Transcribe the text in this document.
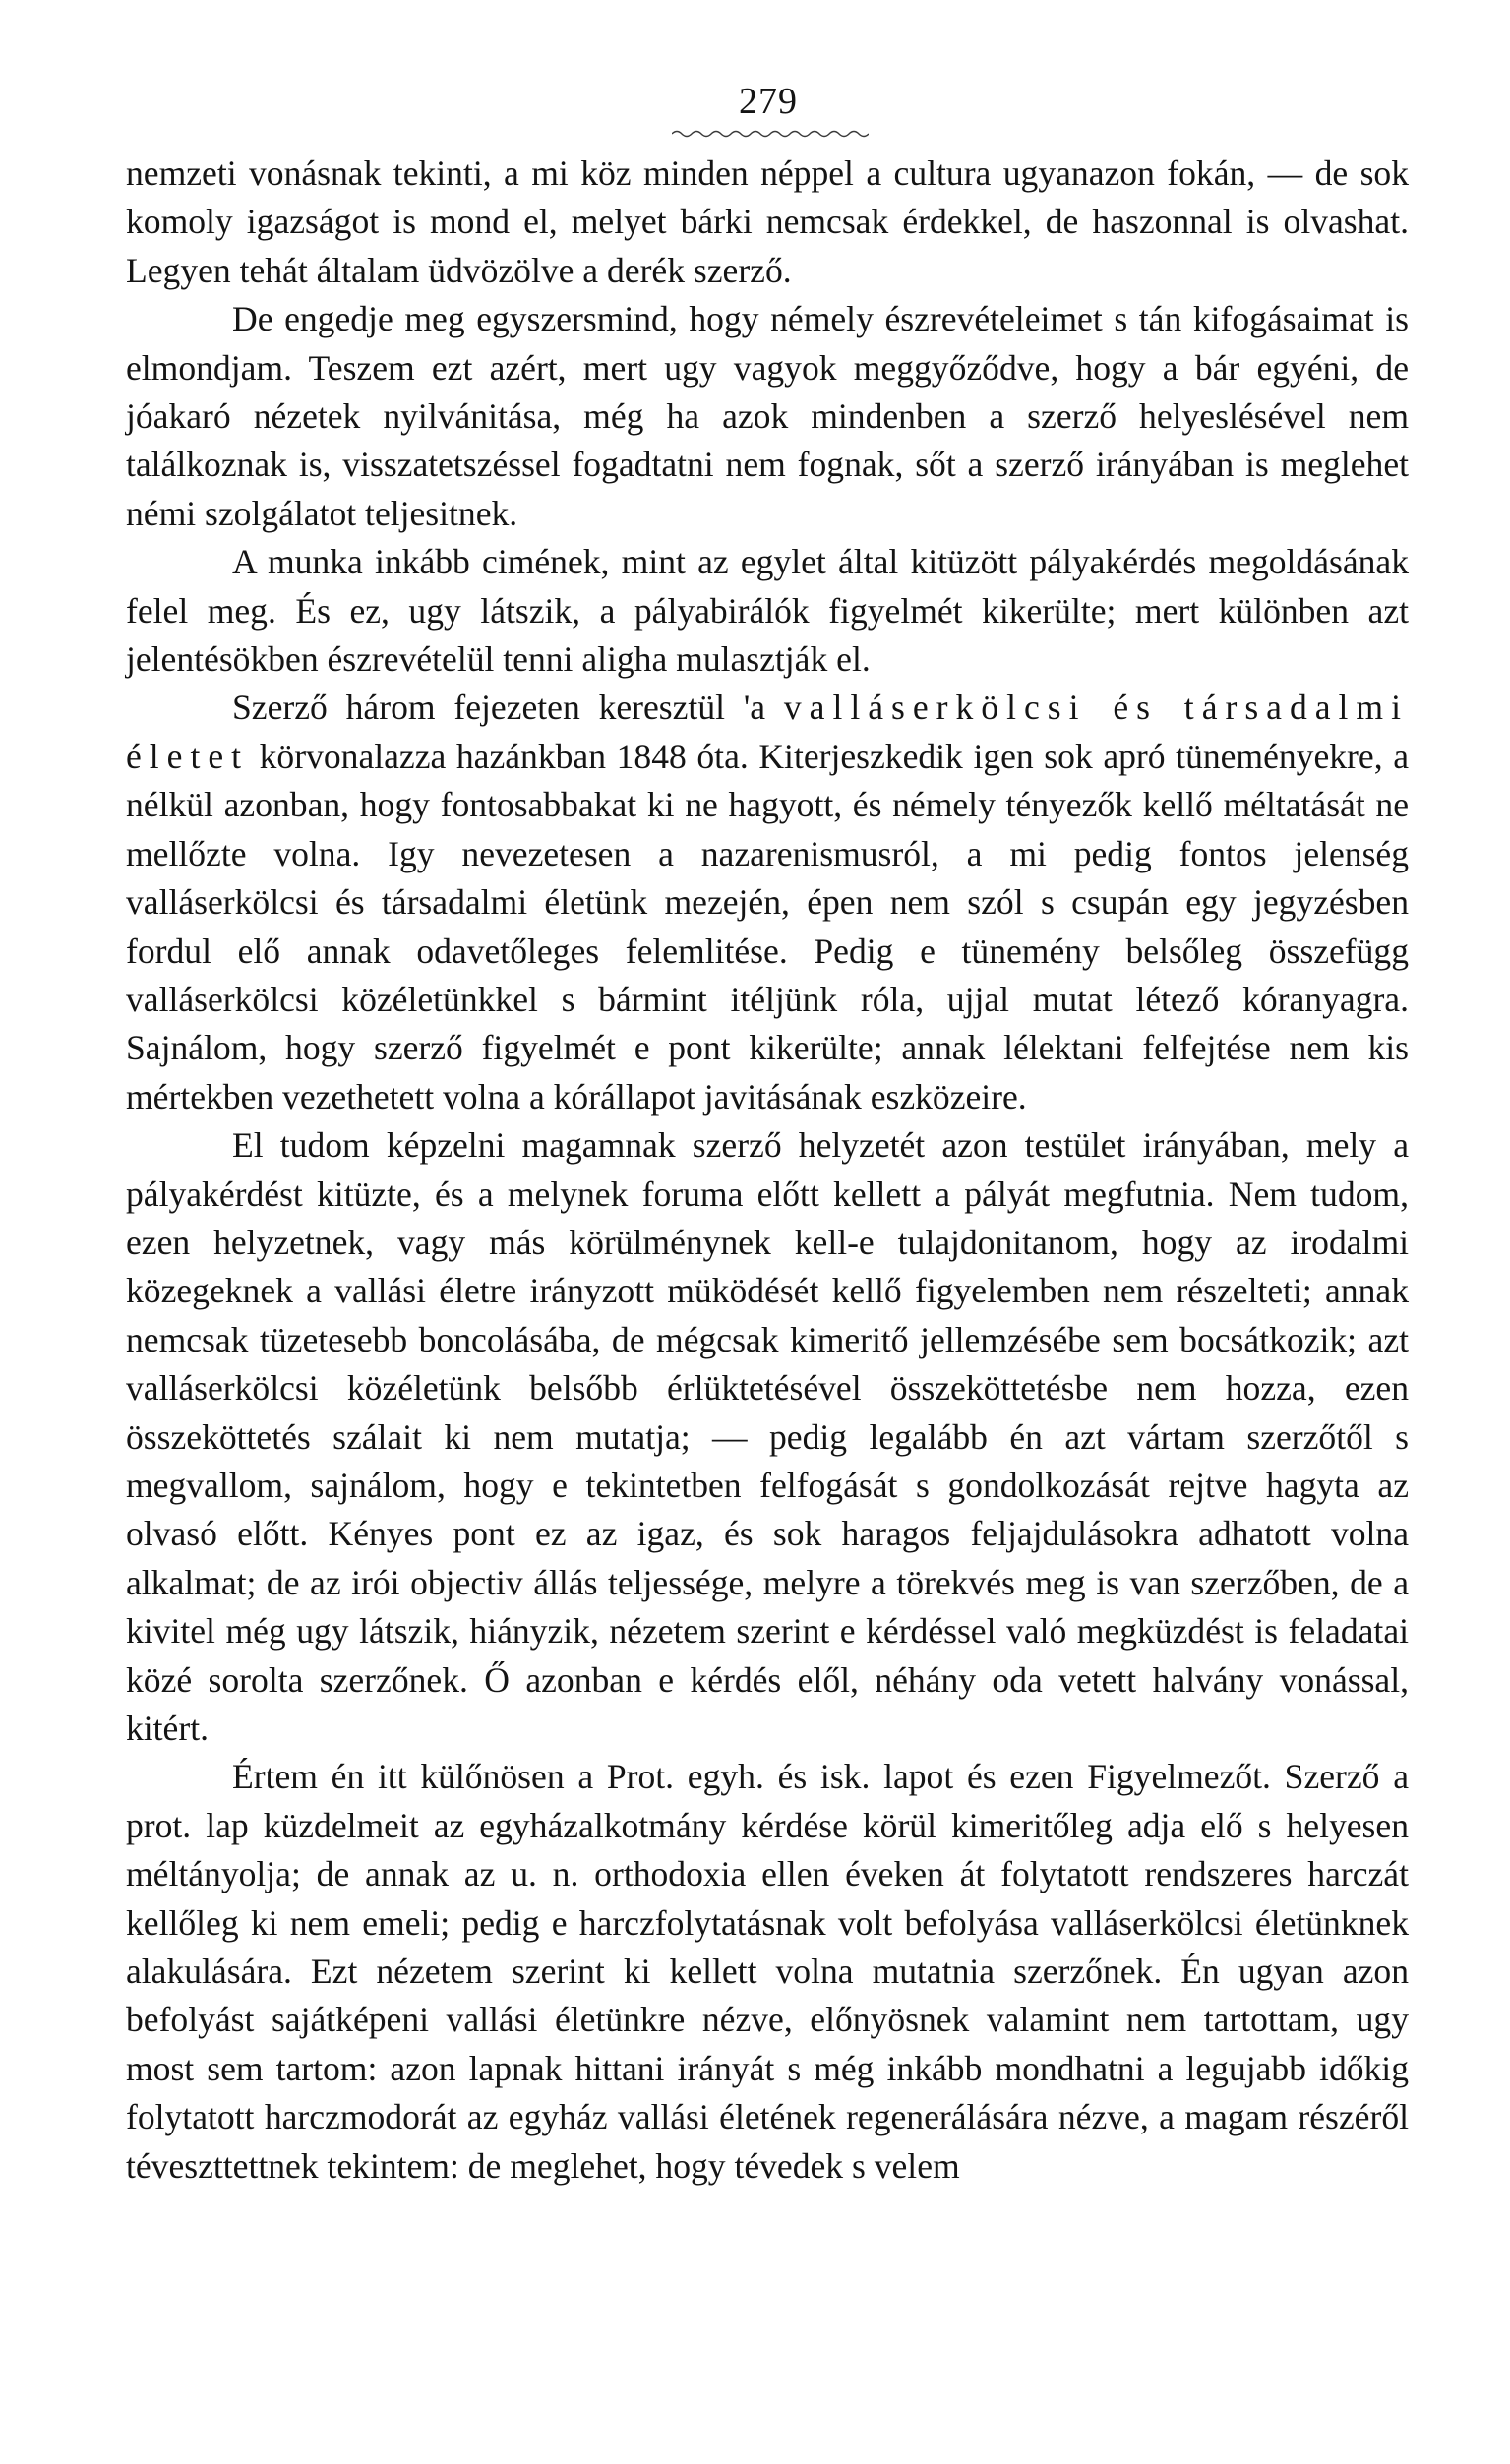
279

nemzeti vonásnak tekinti, a mi köz minden néppel a cultura ugyanazon fokán, — de sok komoly igazságot is mond el, melyet bárki nemcsak érdekkel, de haszonnal is olvashat. Legyen tehát általam üdvözölve a derék szerző.

De engedje meg egyszersmind, hogy némely észrevételeimet s tán kifogásaimat is elmondjam. Teszem ezt azért, mert ugy vagyok meggyőződve, hogy a bár egyéni, de jóakaró nézetek nyilvánitása, még ha azok mindenben a szerző helyeslésével nem találkoznak is, visszatetszéssel fogadtatni nem fognak, sőt a szerző irányában is meglehet némi szolgálatot teljesitnek.

A munka inkább cimének, mint az egylet által kitüzött pályakérdés megoldásának felel meg. És ez, ugy látszik, a pályabirálók figyelmét kikerülte; mert különben azt jelentésökben észrevételül tenni aligha mulasztják el.

Szerző három fejezeten keresztül 'a valláserkölcsi és társadalmi életet körvonalazza hazánkban 1848 óta. Kiterjeszkedik igen sok apró tüneményekre, a nélkül azonban, hogy fontosabbakat ki ne hagyott, és némely tényezők kellő méltatását ne mellőzte volna. Igy nevezetesen a nazarenismusról, a mi pedig fontos jelenség valláserkölcsi és társadalmi életünk mezején, épen nem szól s csupán egy jegyzésben fordul elő annak odavetőleges felemlitése. Pedig e tünemény belsőleg összefügg valláserkölcsi közéletünkkel s bármint itéljünk róla, ujjal mutat létező kóranyagra. Sajnálom, hogy szerző figyelmét e pont kikerülte; annak lélektani felfejtése nem kis mértekben vezethetett volna a kórállapot javitásának eszközeire.

El tudom képzelni magamnak szerző helyzetét azon testület irányában, mely a pályakérdést kitüzte, és a melynek foruma előtt kellett a pályát megfutnia. Nem tudom, ezen helyzetnek, vagy más körülménynek kell-e tulajdonitanom, hogy az irodalmi közegeknek a vallási életre irányzott müködését kellő figyelemben nem részelteti; annak nemcsak tüzetesebb boncolásába, de mégcsak kimeritő jellemzésébe sem bocsátkozik; azt valláserkölcsi közéletünk belsőbb érlüktetésével összeköttetésbe nem hozza, ezen összeköttetés szálait ki nem mutatja; — pedig legalább én azt vártam szerzőtől s megvallom, sajnálom, hogy e tekintetben felfogását s gondolkozását rejtve hagyta az olvasó előtt. Kényes pont ez az igaz, és sok haragos feljajdulásokra adhatott volna alkalmat; de az irói objectiv állás teljessége, melyre a törekvés meg is van szerzőben, de a kivitel még ugy látszik, hiányzik, nézetem szerint e kérdéssel való megküzdést is feladatai közé sorolta szerzőnek. Ő azonban e kérdés elől, néhány oda vetett halvány vonással, kitért.

Értem én itt külőnösen a Prot. egyh. és isk. lapot és ezen Figyelmezőt. Szerző a prot. lap küzdelmeit az egyházalkotmány kérdése körül kimeritőleg adja elő s helyesen méltányolja; de annak az u. n. orthodoxia ellen éveken át folytatott rendszeres harczát kellőleg ki nem emeli; pedig e harczfolytatásnak volt befolyása valláserkölcsi életünknek alakulására. Ezt nézetem szerint ki kellett volna mutatnia szerzőnek. Én ugyan azon befolyást sajátképeni vallási életünkre nézve, előnyösnek valamint nem tartottam, ugy most sem tartom: azon lapnak hittani irányát s még inkább mondhatni a legujabb időkig folytatott harczmodorát az egyház vallási életének regenerálására nézve, a magam részéről téveszttettnek tekintem: de meglehet, hogy tévedek s velem
